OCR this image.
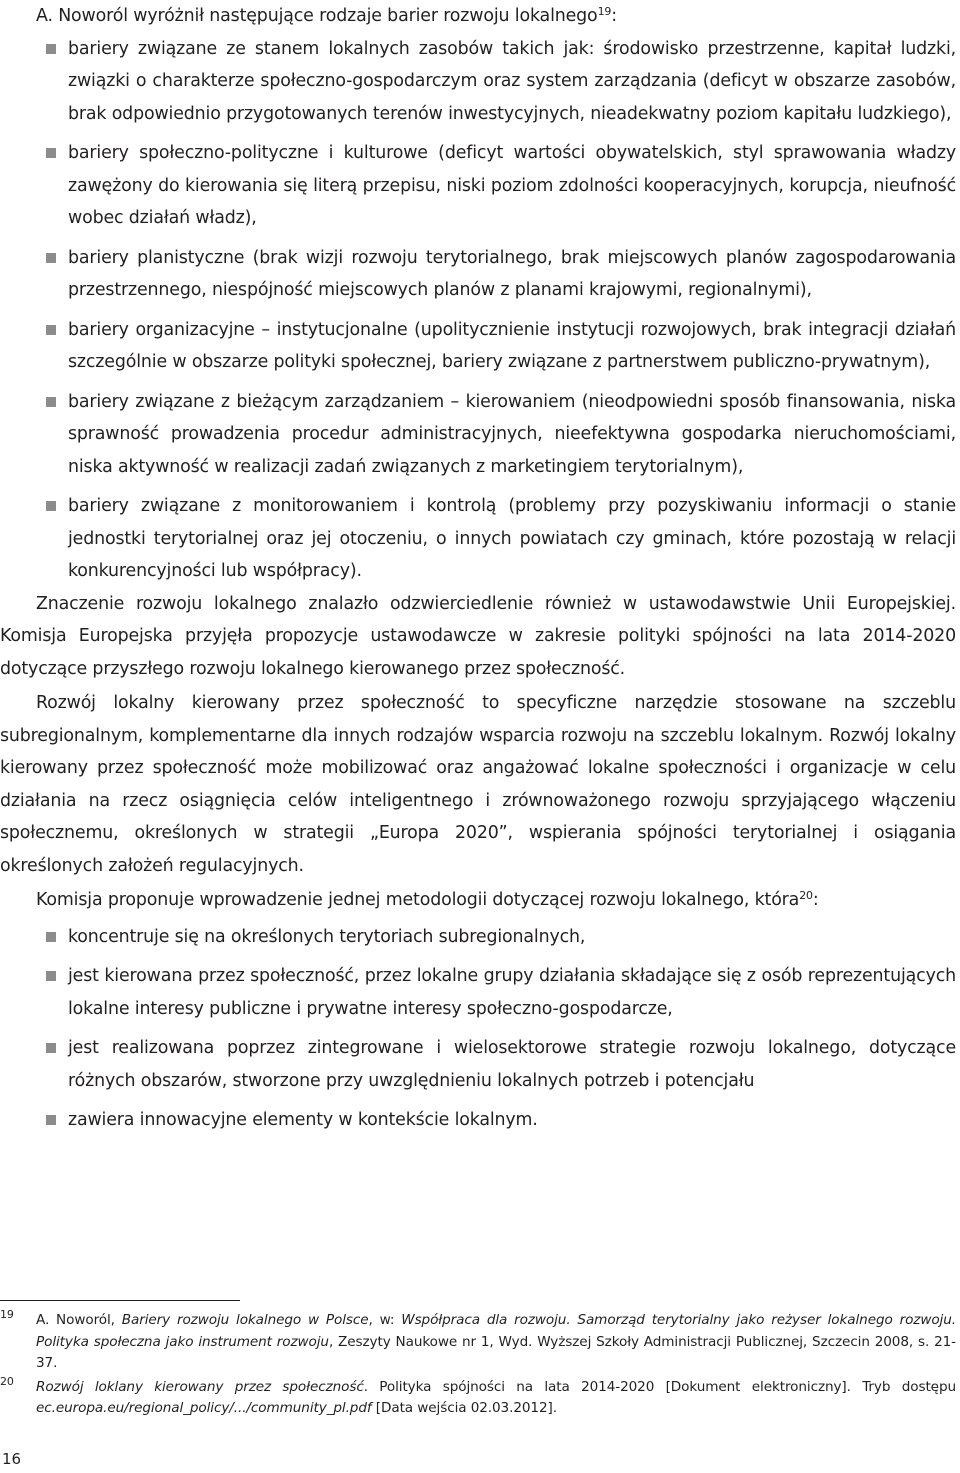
A. Noworól wyróżnił następujące rodzaje barier rozwoju lokalnego$^{19}$:
bariery związane ze stanem lokalnych zasobów takich jak: środowisko przestrzenne, kapitał ludzki, związki o charakterze społeczno-gospodarczym oraz system zarządzania (deficyt w obszarze zasobów, brak odpowiednio przygotowanych terenów inwestycyjnych, nieadekwatny poziom kapitału ludzkiego),
bariery społeczno-polityczne i kulturowe (deficyt wartości obywatelskich, styl sprawowania władzy zawężony do kierowania się literą przepisu, niski poziom zdolności kooperacyjnych, korupcja, nieufność wobec działań władz),
bariery planistyczne (brak wizji rozwoju terytorialnego, brak miejscowych planów zagospodarowania przestrzennego, niespójność miejscowych planów z planami krajowymi, regionalnymi),
bariery organizacyjne – instytucjonalne (upolitycznienie instytucji rozwojowych, brak integracji działań szczególnie w obszarze polityki społecznej, bariery związane z partnerstwem publiczno-prywatnym),
bariery związane z bieżącym zarządzaniem – kierowaniem (nieodpowiedni sposób finansowania, niska sprawność prowadzenia procedur administracyjnych, nieefektywna gospodarka nieruchomościami, niska aktywność w realizacji zadań związanych z marketingiem terytorialnym),
bariery związane z monitorowaniem i kontrolą (problemy przy pozyskiwaniu informacji o stanie jednostki terytorialnej oraz jej otoczeniu, o innych powiatach czy gminach, które pozostają w relacji konkurencyjności lub współpracy).

Znaczenie rozwoju lokalnego znalazło odzwierciedlenie również w ustawodawstwie Unii Europejskiej. Komisja Europejska przyjęła propozycje ustawodawcze w zakresie polityki spójności na lata 2014-2020 dotyczące przyszłego rozwoju lokalnego kierowanego przez społeczność.

Rozwój lokalny kierowany przez społeczność to specyficzne narzędzie stosowane na szczeblu subregionalnym, komplementarne dla innych rodzajów wsparcia rozwoju na szczeblu lokalnym. Rozwój lokalny kierowany przez społeczność może mobilizować oraz angażować lokalne społeczności i organizacje w celu działania na rzecz osiągnięcia celów inteligentnego i zrównoważonego rozwoju sprzyjającego włączeniu społecznemu, określonych w strategii „Europa 2020”, wspierania spójności terytorialnej i osiągania określonych założeń regulacyjnych.

Komisja proponuje wprowadzenie jednej metodologii dotyczącej rozwoju lokalnego, która$^{20}$:
koncentruje się na określonych terytoriach subregionalnych,
jest kierowana przez społeczność, przez lokalne grupy działania składające się z osób reprezentujących lokalne interesy publiczne i prywatne interesy społeczno-gospodarcze,
jest realizowana poprzez zintegrowane i wielosektorowe strategie rozwoju lokalnego, dotyczące różnych obszarów, stworzone przy uwzględnieniu lokalnych potrzeb i potencjału
zawiera innowacyjne elementy w kontekście lokalnym.
19 A. Noworól, Bariery rozwoju lokalnego w Polsce, w: Współpraca dla rozwoju. Samorząd terytorialny jako reżyser lokalnego rozwoju. Polityka społeczna jako instrument rozwoju, Zeszyty Naukowe nr 1, Wyd. Wyższej Szkoły Administracji Publicznej, Szczecin 2008, s. 21-37.
20 Rozwój loklany kierowany przez społeczność. Polityka spójności na lata 2014-2020 [Dokument elektroniczny]. Tryb dostępu ec.europa.eu/regional_policy/.../community_pl.pdf [Data wejścia 02.03.2012].
16
